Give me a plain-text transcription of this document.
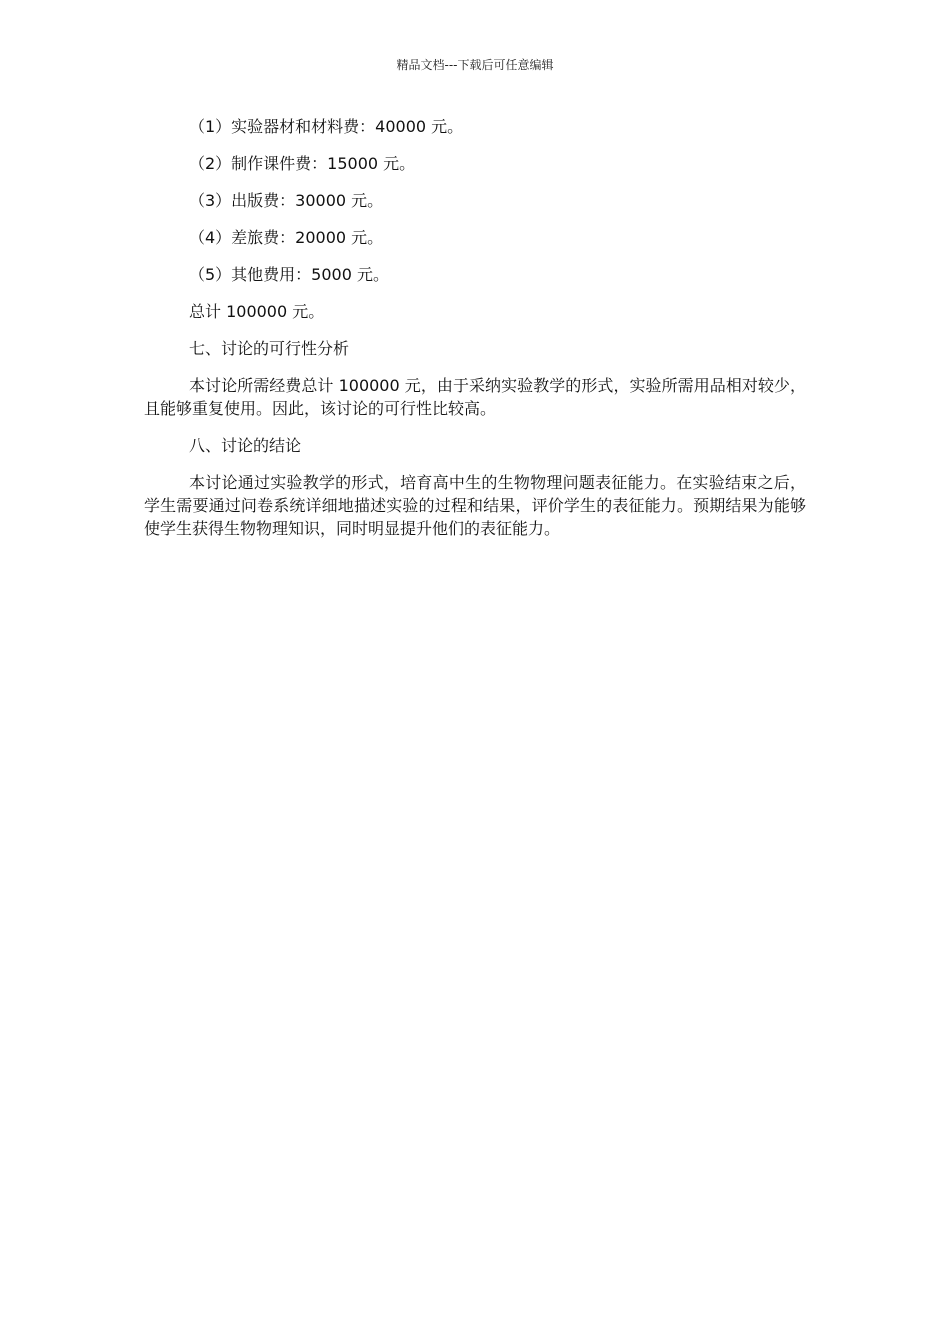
精品文档---下载后可任意编辑

（1）实验器材和材料费：40000 元。

（2）制作课件费：15000 元。

（3）出版费：30000 元。

（4）差旅费：20000 元。

（5）其他费用：5000 元。

总计 100000 元。

七、讨论的可行性分析

本讨论所需经费总计 100000 元，由于采纳实验教学的形式，实验所需用品相对较少，且能够重复使用。因此，该讨论的可行性比较高。

八、讨论的结论

本讨论通过实验教学的形式，培育高中生的生物物理问题表征能力。在实验结束之后，学生需要通过问卷系统详细地描述实验的过程和结果，评价学生的表征能力。预期结果为能够使学生获得生物物理知识，同时明显提升他们的表征能力。
